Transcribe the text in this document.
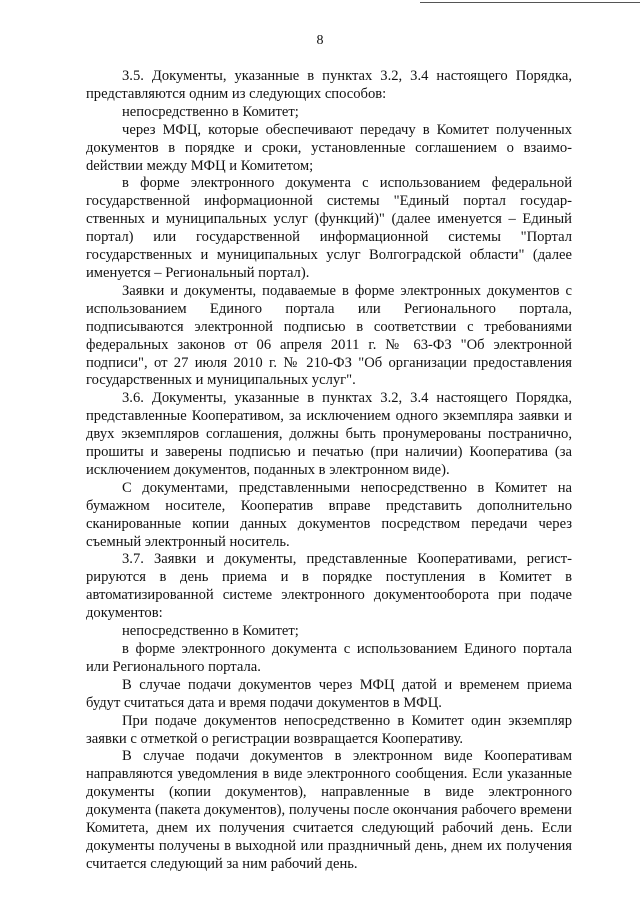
8

3.5. Документы, указанные в пунктах 3.2, 3.4 настоящего Порядка, представляются одним из следующих способов:

непосредственно в Комитет;

через МФЦ, которые обеспечивают передачу в Комитет полученных документов в порядке и сроки, установленные соглашением о взаимоdействии между МФЦ и Комитетом;

в форме электронного документа с использованием федеральной государственной информационной системы "Единый портал государственных и муниципальных услуг (функций)" (далее именуется – Единый портал) или государственной информационной системы "Портал государственных и муниципальных услуг Волгоградской области" (далее именуется – Региональный портал).

Заявки и документы, подаваемые в форме электронных документов с использованием Единого портала или Регионального портала, подписываются электронной подписью в соответствии с требованиями федеральных законов от 06 апреля 2011 г. № 63-ФЗ "Об электронной подписи", от 27 июля 2010 г. № 210-ФЗ "Об организации предоставления государственных и муниципальных услуг".

3.6. Документы, указанные в пунктах 3.2, 3.4 настоящего Порядка, представленные Кооперативом, за исключением одного экземпляра заявки и двух экземпляров соглашения, должны быть пронумерованы постранично, прошиты и заверены подписью и печатью (при наличии) Кооператива (за исключением документов, поданных в электронном виде).

С документами, представленными непосредственно в Комитет на бумажном носителе, Кооператив вправе представить дополнительно сканированные копии данных документов посредством передачи через съемный электронный носитель.

3.7. Заявки и документы, представленные Кооперативами, регистрируются в день приема и в порядке поступления в Комитет в автоматизированной системе электронного документооборота при подаче документов:

непосредственно в Комитет;

в форме электронного документа с использованием Единого портала или Регионального портала.

В случае подачи документов через МФЦ датой и временем приема будут считаться дата и время подачи документов в МФЦ.

При подаче документов непосредственно в Комитет один экземпляр заявки с отметкой о регистрации возвращается Кооперативу.

В случае подачи документов в электронном виде Кооперативам направляются уведомления в виде электронного сообщения. Если указанные документы (копии документов), направленные в виде электронного документа (пакета документов), получены после окончания рабочего времени Комитета, днем их получения считается следующий рабочий день. Если документы получены в выходной или праздничный день, днем их получения считается следующий за ним рабочий день.
